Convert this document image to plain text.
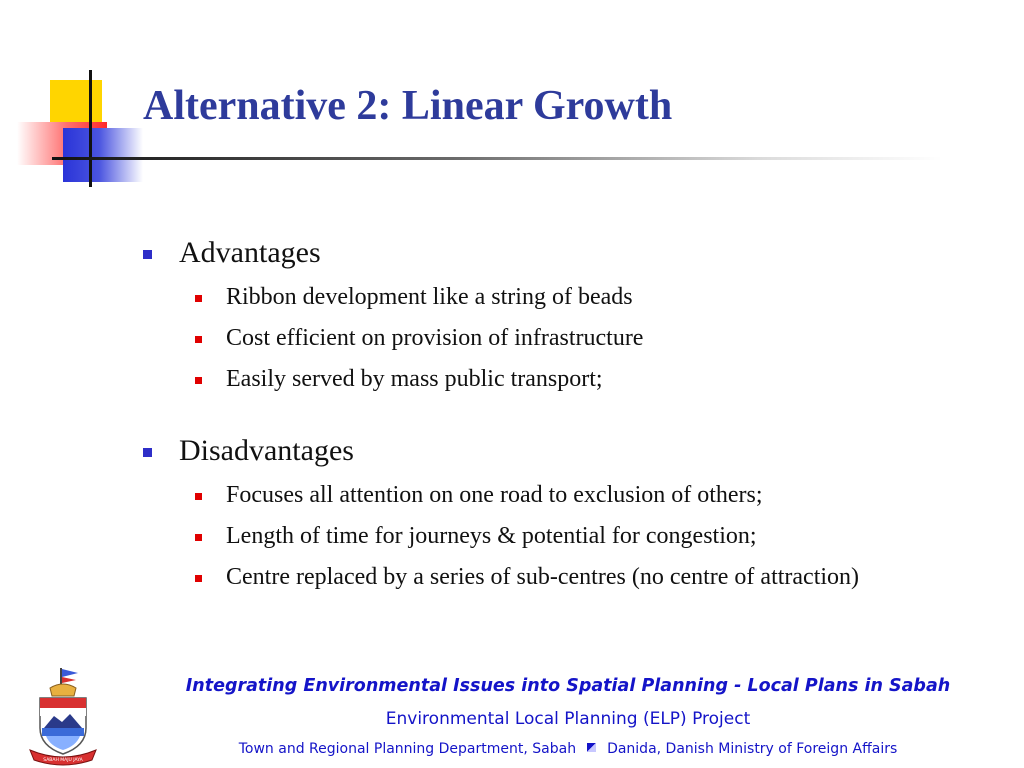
Alternative 2: Linear Growth
Advantages
Ribbon development like a string of beads
Cost efficient on provision of infrastructure
Easily served by mass public transport;
Disadvantages
Focuses all attention on one road to exclusion of others;
Length of time for journeys & potential for congestion;
Centre replaced by a series of sub-centres (no centre of attraction)
SABAH MAJU JAYA
Integrating Environmental Issues into Spatial Planning - Local Plans in Sabah
Environmental Local Planning (ELP) Project
Town and Regional Planning Department, Sabah Danida, Danish Ministry of Foreign Affairs
